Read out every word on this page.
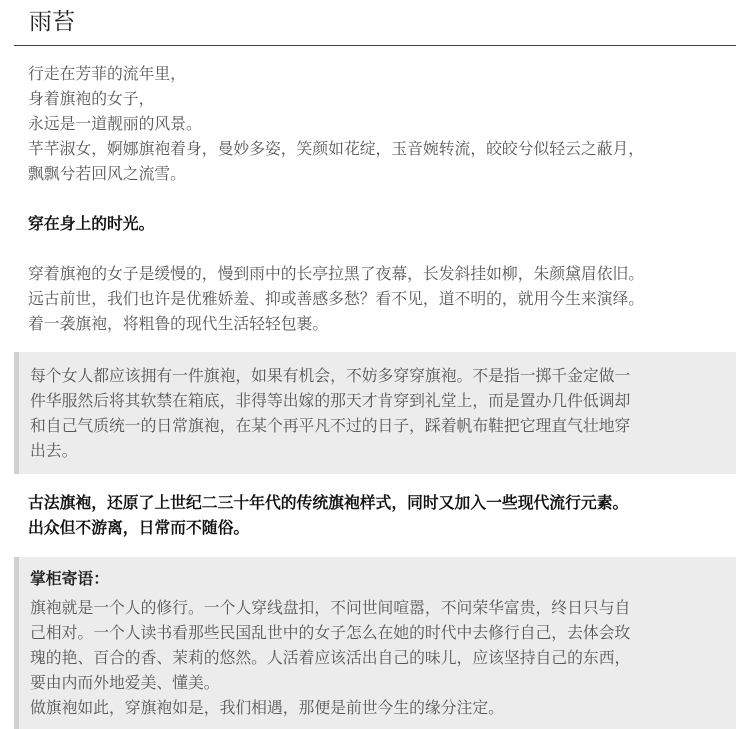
雨苔
行走在芳菲的流年里，
身着旗袍的女子，
永远是一道靓丽的风景。
芊芊淑女，婀娜旗袍着身，曼妙多姿，笑颜如花绽，玉音婉转流，皎皎兮似轻云之蔽月，
飘飘兮若回风之流雪。
穿在身上的时光。
穿着旗袍的女子是缓慢的，慢到雨中的长亭拉黑了夜幕，长发斜挂如柳，朱颜黛眉依旧。
远古前世，我们也许是优雅娇羞、抑或善感多愁？看不见，道不明的，就用今生来演绎。
着一袭旗袍，将粗鲁的现代生活轻轻包裹。
每个女人都应该拥有一件旗袍，如果有机会，不妨多穿穿旗袍。不是指一掷千金定做一
件华服然后将其软禁在箱底，非得等出嫁的那天才肯穿到礼堂上，而是置办几件低调却
和自己气质统一的日常旗袍，在某个再平凡不过的日子，踩着帆布鞋把它理直气壮地穿
出去。
古法旗袍，还原了上世纪二三十年代的传统旗袍样式，同时又加入一些现代流行元素。
出众但不游离，日常而不随俗。
掌柜寄语：
旗袍就是一个人的修行。一个人穿线盘扣，不问世间喧嚣，不问荣华富贵，终日只与自
己相对。一个人读书看那些民国乱世中的女子怎么在她的时代中去修行自己，去体会玫
瑰的艳、百合的香、茉莉的悠然。人活着应该活出自己的味儿，应该坚持自己的东西，
要由内而外地爱美、懂美。
做旗袍如此，穿旗袍如是，我们相遇，那便是前世今生的缘分注定。
